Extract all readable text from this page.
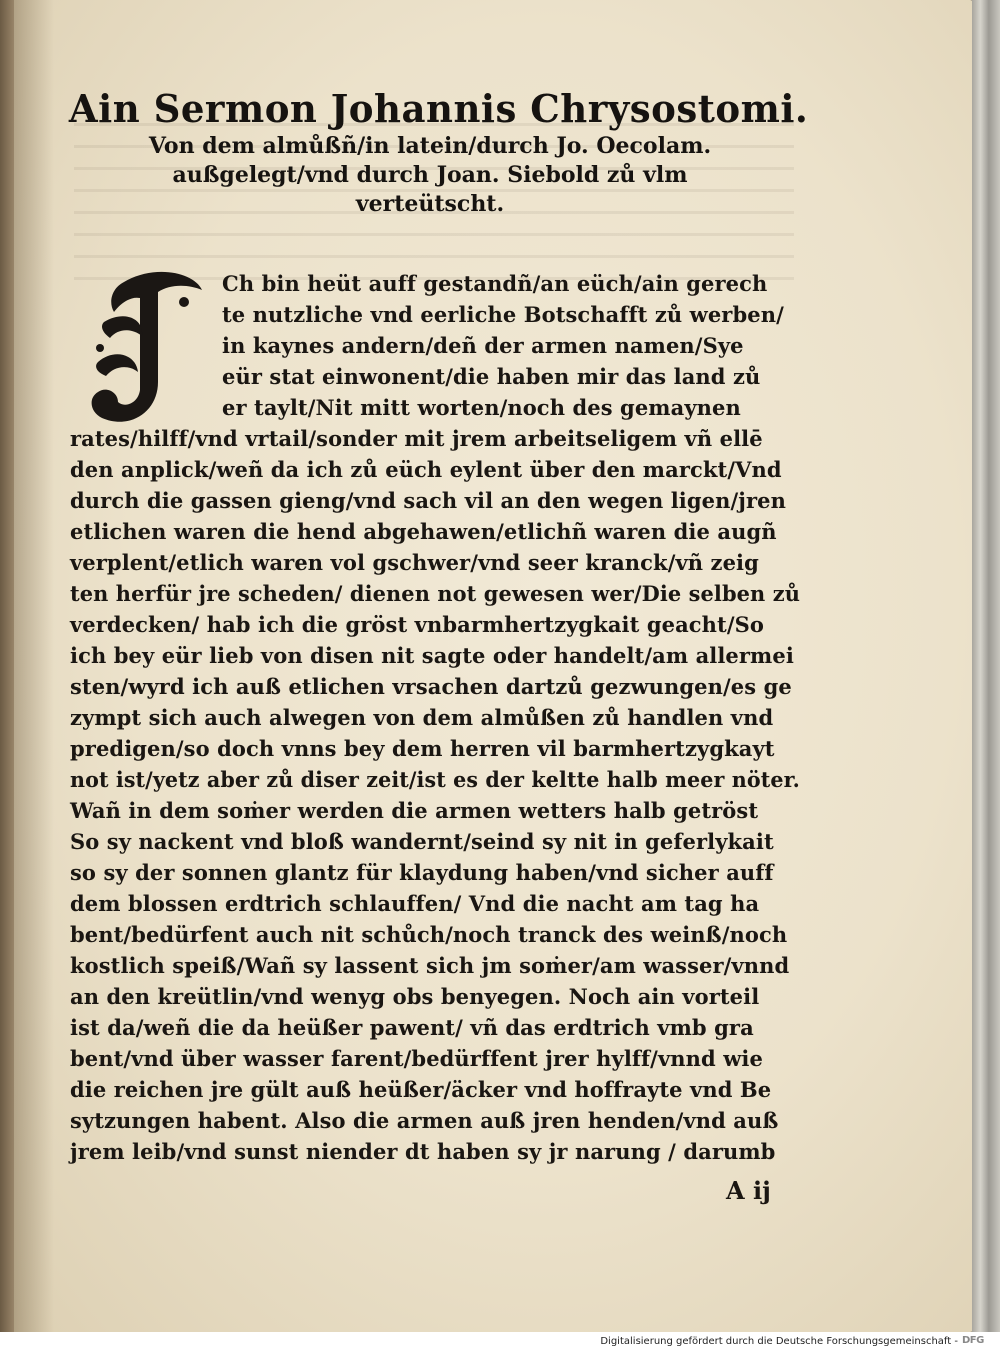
Ain Sermon Johannis Chrysostomi.
Von dem almůßñ/in latein/durch Jo. Oecolam.
außgelegt/vnd durch Joan. Siebold zů vlm
verteütscht.
Ch bin heüt auff gestandñ/an eüch/ain gerech
te nutzliche vnd eerliche Botschafft zů werben/
in kaynes andern/deñ der armen namen/Sye
eür stat einwonent/die haben mir das land zů
er taylt/Nit mitt worten/noch des gemaynen
rates/hilff/vnd vrtail/sonder mit jrem arbeitseligem vñ ellē
den anplick/weñ da ich zů eüch eylent über den marckt/Vnd
durch die gassen gieng/vnd sach vil an den wegen ligen/jren
etlichen waren die hend abgehawen/etlichñ waren die augñ
verplent/etlich waren vol gschwer/vnd seer kranck/vñ zeig
ten herfür jre scheden/ dienen not gewesen wer/Die selben zů
verdecken/ hab ich die gröst vnbarmhertzygkait geacht/So
ich bey eür lieb von disen nit sagte oder handelt/am allermei
sten/wyrd ich auß etlichen vrsachen dartzů gezwungen/es ge
zympt sich auch alwegen von dem almůßen zů handlen vnd
predigen/so doch vnns bey dem herren vil barmhertzygkayt
not ist/yetz aber zů diser zeit/ist es der keltte halb meer nöter.
Wañ in dem soṁer werden die armen wetters halb getröst
So sy nackent vnd bloß wandernt/seind sy nit in geferlykait
so sy der sonnen glantz für klaydung haben/vnd sicher auff
dem blossen erdtrich schlauffen/ Vnd die nacht am tag ha
bent/bedürfent auch nit schůch/noch tranck des weinß/noch
kostlich speiß/Wañ sy lassent sich jm soṁer/am wasser/vnnd
an den kreütlin/vnd wenyg obs benyegen. Noch ain vorteil
ist da/weñ die da heüßer pawent/ vñ das erdtrich vmb gra
bent/vnd über wasser farent/bedürffent jrer hylff/vnnd wie
die reichen jre gült auß heüßer/äcker vnd hoffrayte vnd Be
sytzungen habent. Also die armen auß jren henden/vnd auß
jrem leib/vnd sunst niender dt haben sy jr narung / darumb
A ij
Digitalisierung gefördert durch die Deutsche Forschungsgemeinschaft - DFG
